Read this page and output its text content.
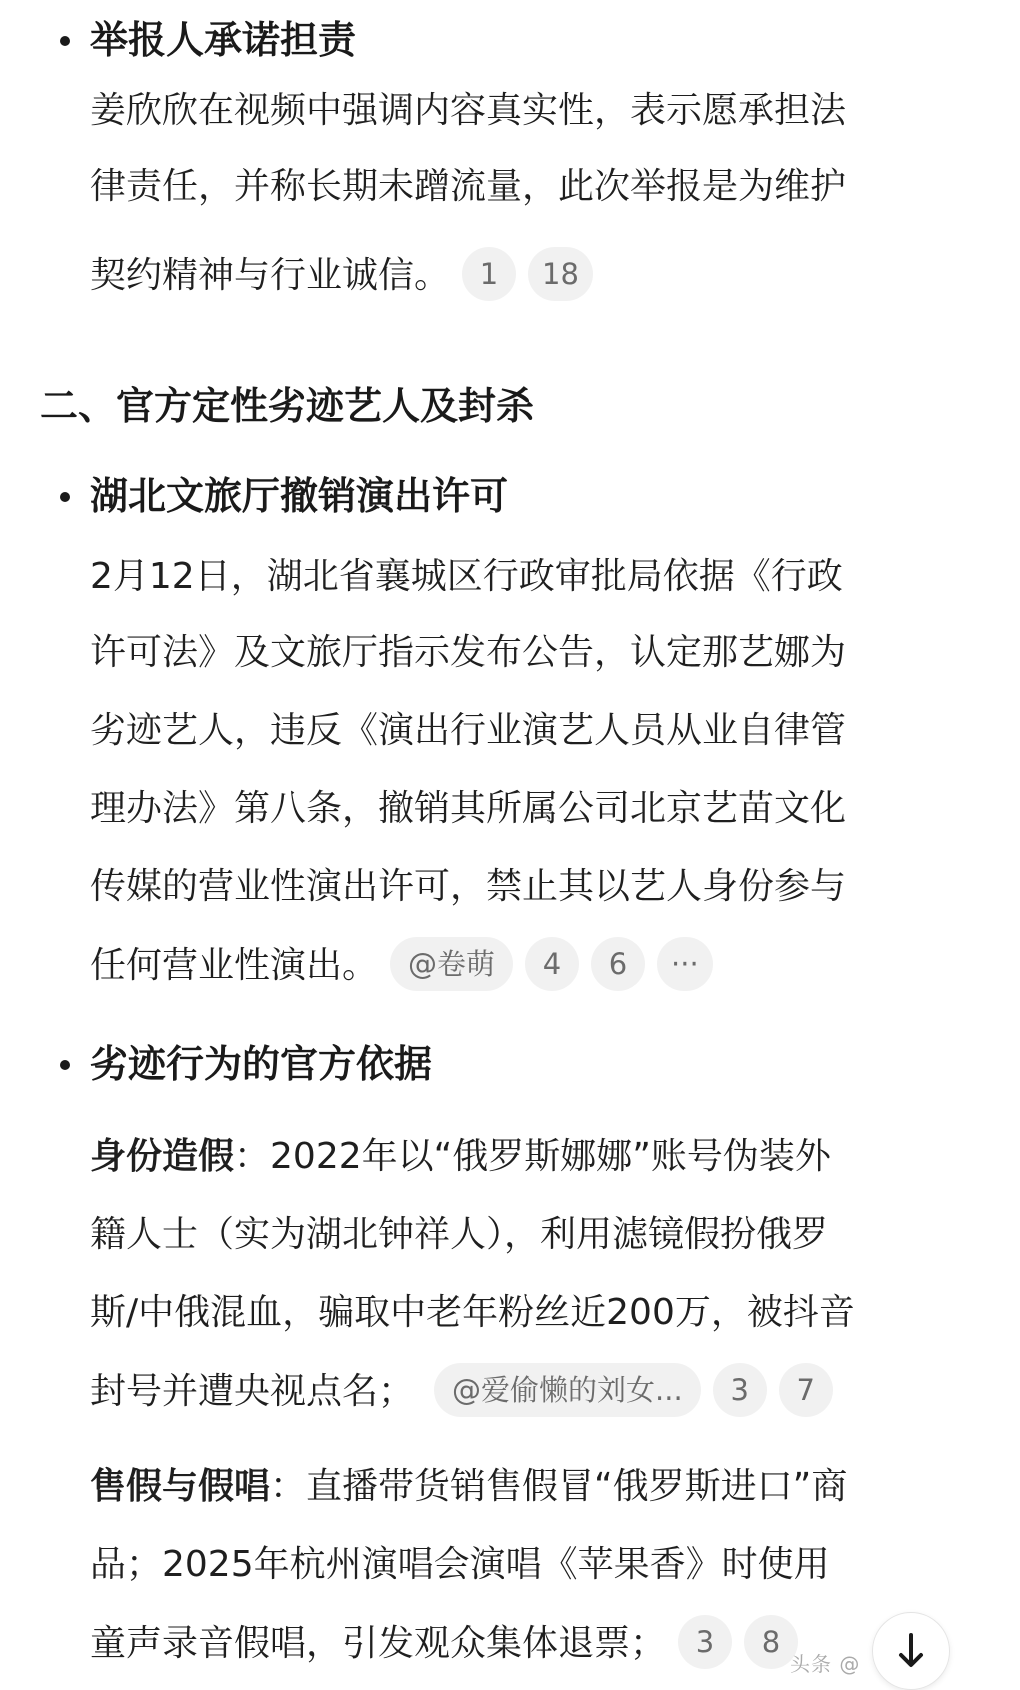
举报人承诺担责
姜欣欣在视频中强调内容真实性，表示愿承担法
律责任，并称长期未蹭流量，此次举报是为维护
契约精神与行业诚信。 1 18
二、官方定性劣迹艺人及封杀
湖北文旅厅撤销演出许可
2月12日，湖北省襄城区行政审批局依据《行政
许可法》及文旅厅指示发布公告，认定那艺娜为
劣迹艺人，违反《演出行业演艺人员从业自律管
理办法》第八条，撤销其所属公司北京艺苗文化
传媒的营业性演出许可，禁止其以艺人身份参与
任何营业性演出。 @卷萌 4 6 ···
劣迹行为的官方依据
身份造假：2022年以“俄罗斯娜娜”账号伪装外
籍人士（实为湖北钟祥人），利用滤镜假扮俄罗
斯/中俄混血，骗取中老年粉丝近200万，被抖音
封号并遭央视点名； @爱偷懒的刘女... 3 7
售假与假唱：直播带货销售假冒“俄罗斯进口”商
品；2025年杭州演唱会演唱《苹果香》时使用
童声录音假唱，引发观众集体退票； 3 8
头条 @
